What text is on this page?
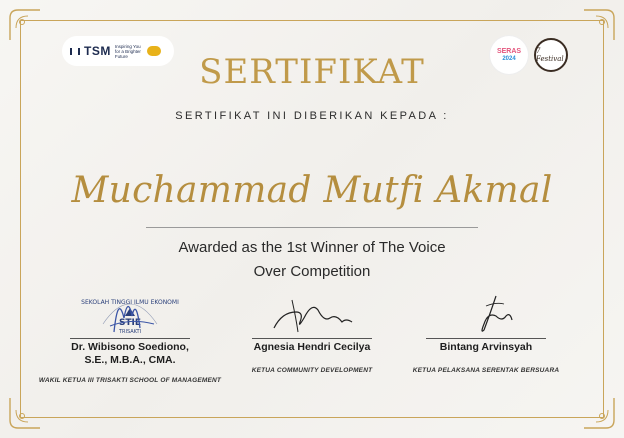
TSM Inspiring You for a Brighter Future
SERAS
2024
7 Festival
SERTIFIKAT
SERTIFIKAT INI DIBERIKAN KEPADA :
Muchammad Mutfi Akmal
Awarded as the 1st Winner of The Voice
Over Competition
SEKOLAH TINGGI ILMU EKONOMI
STIE
TRISAKTI
Dr. Wibisono Soediono,
S.E., M.B.A., CMA.
WAKIL KETUA III TRISAKTI SCHOOL OF MANAGEMENT
Agnesia Hendri Cecilya
KETUA COMMUNITY DEVELOPMENT
Bintang Arvinsyah
KETUA PELAKSANA SERENTAK BERSUARA
